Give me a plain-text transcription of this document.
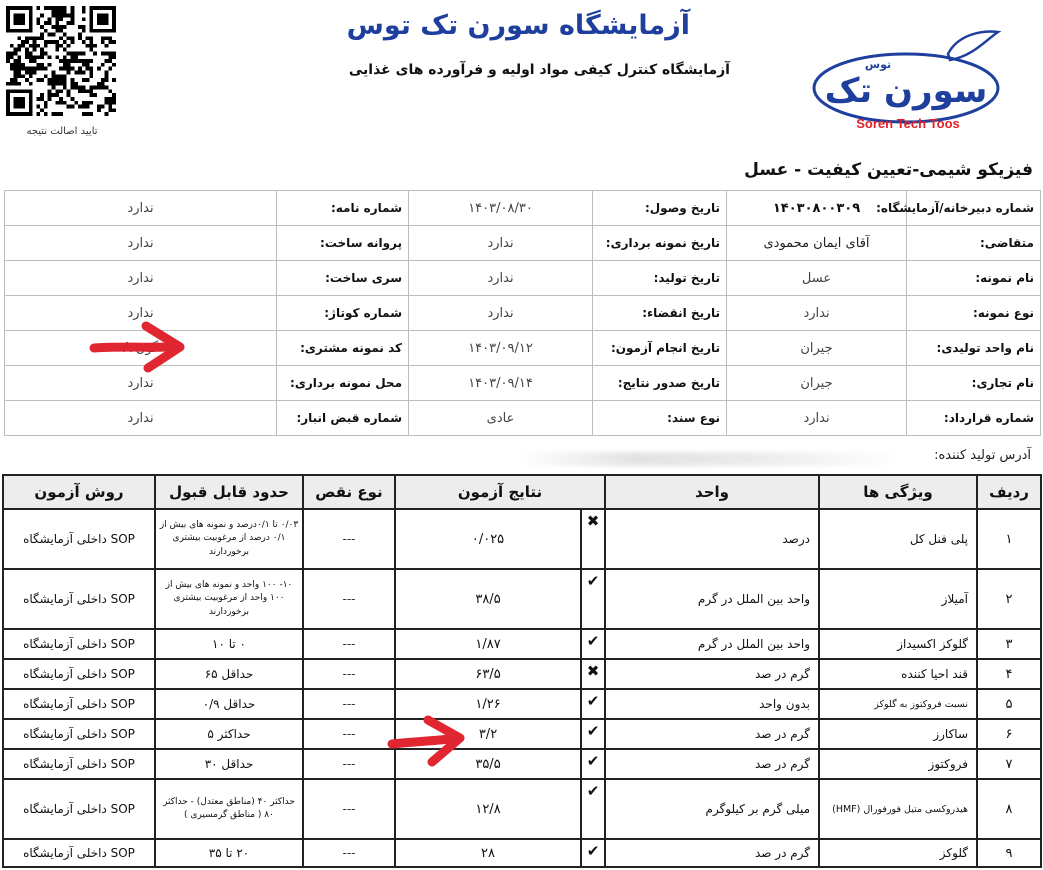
تایید اصالت نتیجه
آزمایشگاه سورن تک توس
آزمایشگاه کنترل کیفی مواد اولیه و فرآورده های غذایی
سورن تک
توس
Soren Tech Toos
فیزیکو شیمی-تعیین کیفیت - عسل
شماره دبیرخانه/آزمایشگاه:	۱۴۰۳۰۸۰۰۳۰۹	تاریخ وصول:	۱۴۰۳/۰۸/۳۰	شماره نامه:	ندارد
متقاضی:	آقای ایمان محمودی	تاریخ نمونه برداری:	ندارد	پروانه ساخت:	ندارد
نام نمونه:	عسل	تاریخ تولید:	ندارد	سری ساخت:	ندارد
نوع نمونه:	ندارد	تاریخ انقضاء:	ندارد	شماره کوتاژ:	ندارد
نام واحد تولیدی:	جیران	تاریخ انجام آزمون:	۱۴۰۳/۰۹/۱۲	کد نمونه مشتری:	گون A
نام تجاری:	جیران	تاریخ صدور نتایج:	۱۴۰۳/۰۹/۱۴	محل نمونه برداری:	ندارد
شماره قرارداد:	ندارد	نوع سند:	عادی	شماره قبض انبار:	ندارد
آدرس تولید کننده:
ردیف	ویژگی ها	واحد	نتایج آزمون		نوع نقص	حدود قابل قبول	روش آزمون
۱	پلی فنل کل	درصد	✖	۰/۰۲۵	---	۰/۰۳ تا ۰/۱درصد و نمونه های بیش از ۰/۱ درصد از مرغوبیت بیشتری برخوردارند	SOP داخلی آزمایشگاه
۲	آمیلاز	واحد بین الملل در گرم	✔	۳۸/۵	---	۱۰- ۱۰۰ واحد و نمونه های بیش از ۱۰۰ واحد از مرغوبیت بیشتری برخوردارند	SOP داخلی آزمایشگاه
۳	گلوکز اکسیداز	واحد بین الملل در گرم	✔	۱/۸۷	---	۰ تا ۱۰	SOP داخلی آزمایشگاه
۴	قند احیا کننده	گرم در صد	✖	۶۳/۵	---	حداقل ۶۵	SOP داخلی آزمایشگاه
۵	نسبت فروکتوز به گلوکز	بدون واحد	✔	۱/۲۶	---	حداقل ۰/۹	SOP داخلی آزمایشگاه
۶	ساکارز	گرم در صد	✔	۳/۲	---	حداکثر ۵	SOP داخلی آزمایشگاه
۷	فروکتوز	گرم در صد	✔	۳۵/۵	---	حداقل ۳۰	SOP داخلی آزمایشگاه
۸	هیدروکسی متیل فورفورال (HMF)	میلی گرم بر کیلوگرم	✔	۱۲/۸	---	حداکثر ۴۰ (مناطق معتدل) - حداکثر ۸۰ ( مناطق گرمسیری )	SOP داخلی آزمایشگاه
۹	گلوکز	گرم در صد	✔	۲۸	---	۲۰ تا ۳۵	SOP داخلی آزمایشگاه
